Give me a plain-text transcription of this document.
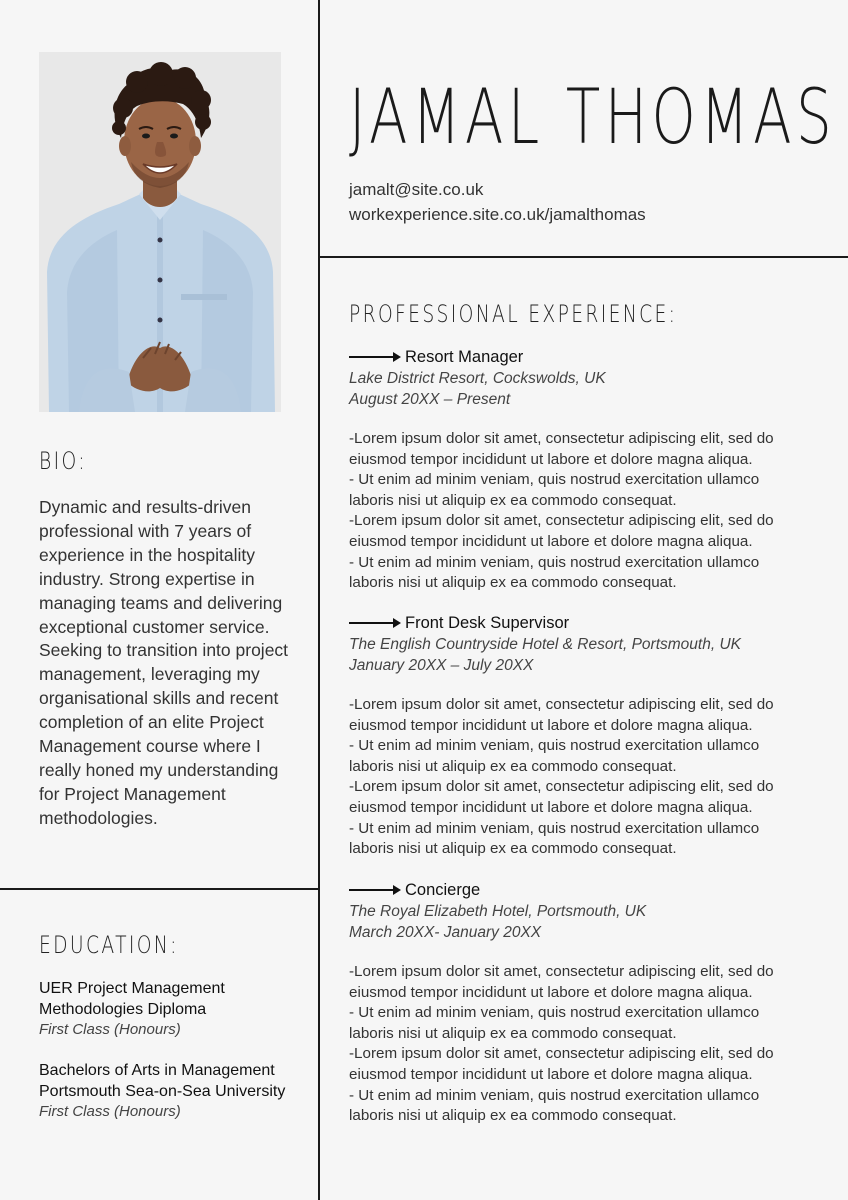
BIO:
Dynamic and results-driven professional with 7 years of experience in the hospitality industry. Strong expertise in managing teams and delivering exceptional customer service. Seeking to transition into project management, leveraging my organisational skills and recent completion of an elite Project Management course where I really honed my understanding for Project Management methodologies.
EDUCATION:
UER Project Management
Methodologies Diploma
First Class (Honours)
Bachelors of Arts in Management
Portsmouth Sea-on-Sea University
First Class (Honours)
JAMAL THOMAS
jamalt@site.co.uk
workexperience.site.co.uk/jamalthomas
PROFESSIONAL EXPERIENCE:
Resort Manager
Lake District Resort, Cockswolds, UK
August 20XX – Present
-Lorem ipsum dolor sit amet, consectetur adipiscing elit, sed do
eiusmod tempor incididunt ut labore et dolore magna aliqua.
- Ut enim ad minim veniam, quis nostrud exercitation ullamco
laboris nisi ut aliquip ex ea commodo consequat.
-Lorem ipsum dolor sit amet, consectetur adipiscing elit, sed do
eiusmod tempor incididunt ut labore et dolore magna aliqua.
- Ut enim ad minim veniam, quis nostrud exercitation ullamco
laboris nisi ut aliquip ex ea commodo consequat.
Front Desk Supervisor
The English Countryside Hotel & Resort, Portsmouth, UK
January 20XX – July 20XX
-Lorem ipsum dolor sit amet, consectetur adipiscing elit, sed do
eiusmod tempor incididunt ut labore et dolore magna aliqua.
- Ut enim ad minim veniam, quis nostrud exercitation ullamco
laboris nisi ut aliquip ex ea commodo consequat.
-Lorem ipsum dolor sit amet, consectetur adipiscing elit, sed do
eiusmod tempor incididunt ut labore et dolore magna aliqua.
- Ut enim ad minim veniam, quis nostrud exercitation ullamco
laboris nisi ut aliquip ex ea commodo consequat.
Concierge
The Royal Elizabeth Hotel, Portsmouth, UK
March 20XX- January 20XX
-Lorem ipsum dolor sit amet, consectetur adipiscing elit, sed do
eiusmod tempor incididunt ut labore et dolore magna aliqua.
- Ut enim ad minim veniam, quis nostrud exercitation ullamco
laboris nisi ut aliquip ex ea commodo consequat.
-Lorem ipsum dolor sit amet, consectetur adipiscing elit, sed do
eiusmod tempor incididunt ut labore et dolore magna aliqua.
- Ut enim ad minim veniam, quis nostrud exercitation ullamco
laboris nisi ut aliquip ex ea commodo consequat.
